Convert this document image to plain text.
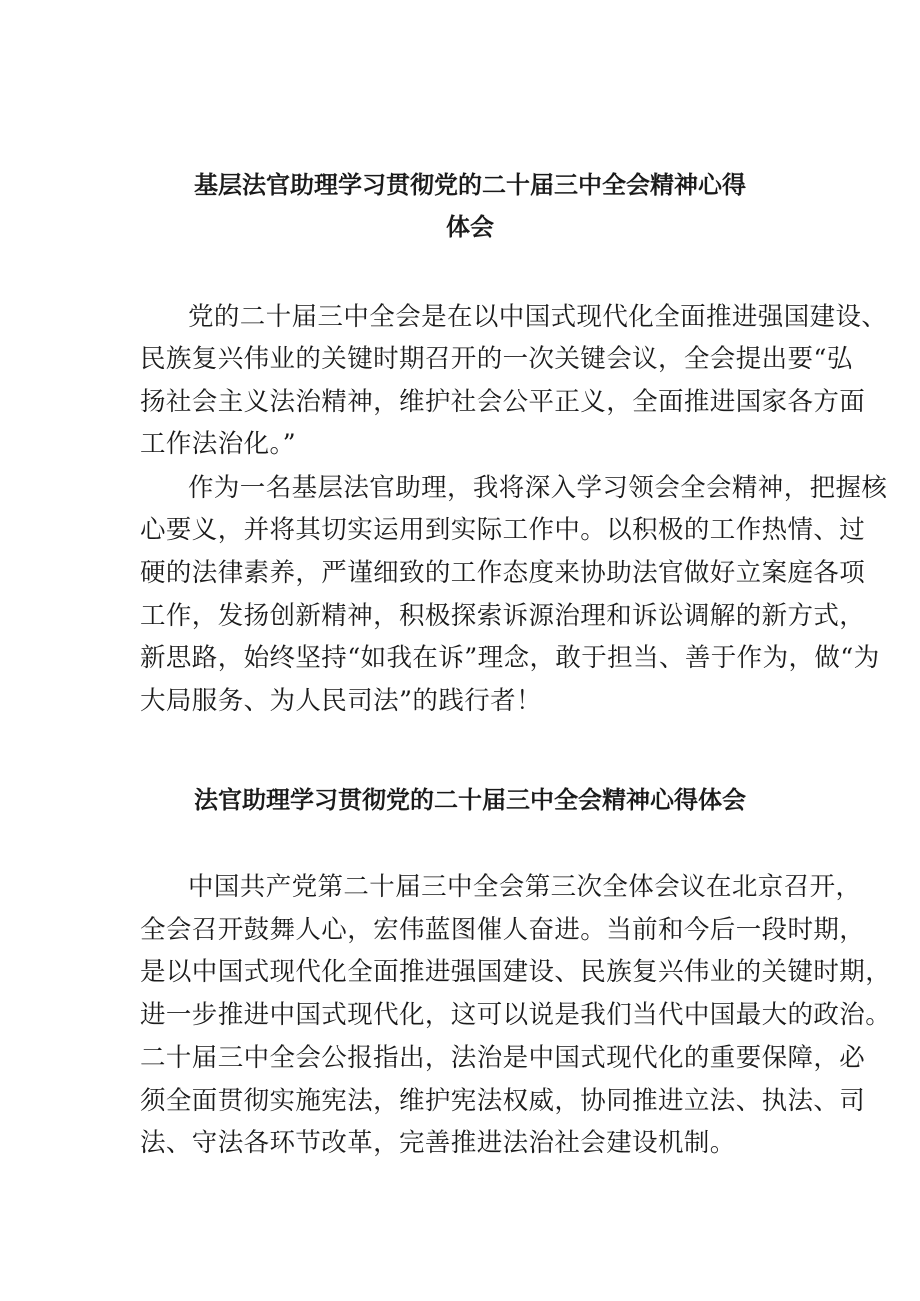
基层法官助理学习贯彻党的二十届三中全会精神心得
体会

党的二十届三中全会是在以中国式现代化全面推进强国建设、

民族复兴伟业的关键时期召开的一次关键会议，全会提出要“弘

扬社会主义法治精神，维护社会公平正义，全面推进国家各方面

工作法治化。”

作为一名基层法官助理，我将深入学习领会全会精神，把握核

心要义，并将其切实运用到实际工作中。以积极的工作热情、过

硬的法律素养，严谨细致的工作态度来协助法官做好立案庭各项

工作，发扬创新精神，积极探索诉源治理和诉讼调解的新方式，

新思路，始终坚持“如我在诉”理念，敢于担当、善于作为，做“为

大局服务、为人民司法”的践行者！

法官助理学习贯彻党的二十届三中全会精神心得体会

中国共产党第二十届三中全会第三次全体会议在北京召开，

全会召开鼓舞人心，宏伟蓝图催人奋进。当前和今后一段时期，

是以中国式现代化全面推进强国建设、民族复兴伟业的关键时期，

进一步推进中国式现代化，这可以说是我们当代中国最大的政治。

二十届三中全会公报指出，法治是中国式现代化的重要保障，必

须全面贯彻实施宪法，维护宪法权威，协同推进立法、执法、司

法、守法各环节改革，完善推进法治社会建设机制。
